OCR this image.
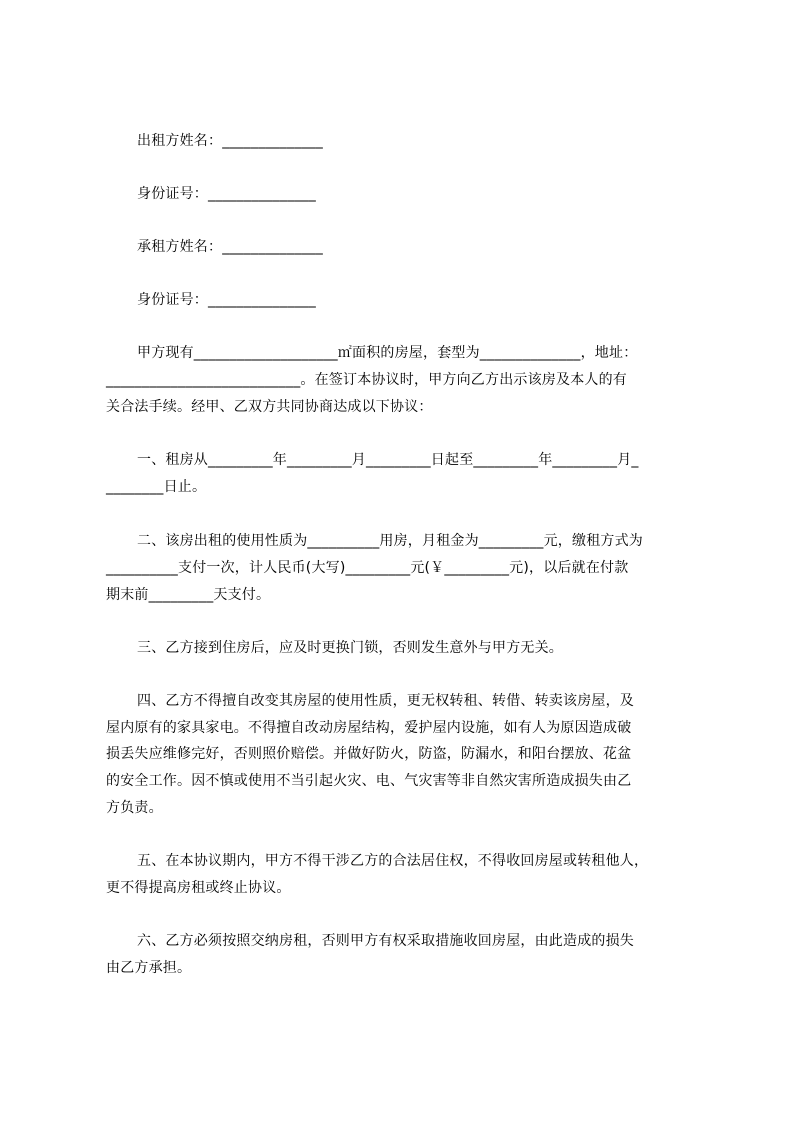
出租方姓名：______________
身份证号：_______________
承租方姓名：______________
身份证号：_______________
甲方现有____________________㎡面积的房屋，套型为______________，地址：
___________________________。在签订本协议时，甲方向乙方出示该房及本人的有
关合法手续。经甲、乙双方共同协商达成以下协议：
一、租房从_________年_________月_________日起至_________年_________月_
________日止。
二、该房出租的使用性质为__________用房，月租金为_________元，缴租方式为
__________支付一次，计人民币(大写)_________元(￥_________元)，以后就在付款
期末前_________天支付。
三、乙方接到住房后，应及时更换门锁，否则发生意外与甲方无关。
四、乙方不得擅自改变其房屋的使用性质，更无权转租、转借、转卖该房屋，及
屋内原有的家具家电。不得擅自改动房屋结构，爱护屋内设施，如有人为原因造成破
损丢失应维修完好，否则照价赔偿。并做好防火，防盗，防漏水，和阳台摆放、花盆
的安全工作。因不慎或使用不当引起火灾、电、气灾害等非自然灾害所造成损失由乙
方负责。
五、在本协议期内，甲方不得干涉乙方的合法居住权，不得收回房屋或转租他人，
更不得提高房租或终止协议。
六、乙方必须按照交纳房租，否则甲方有权采取措施收回房屋，由此造成的损失
由乙方承担。
